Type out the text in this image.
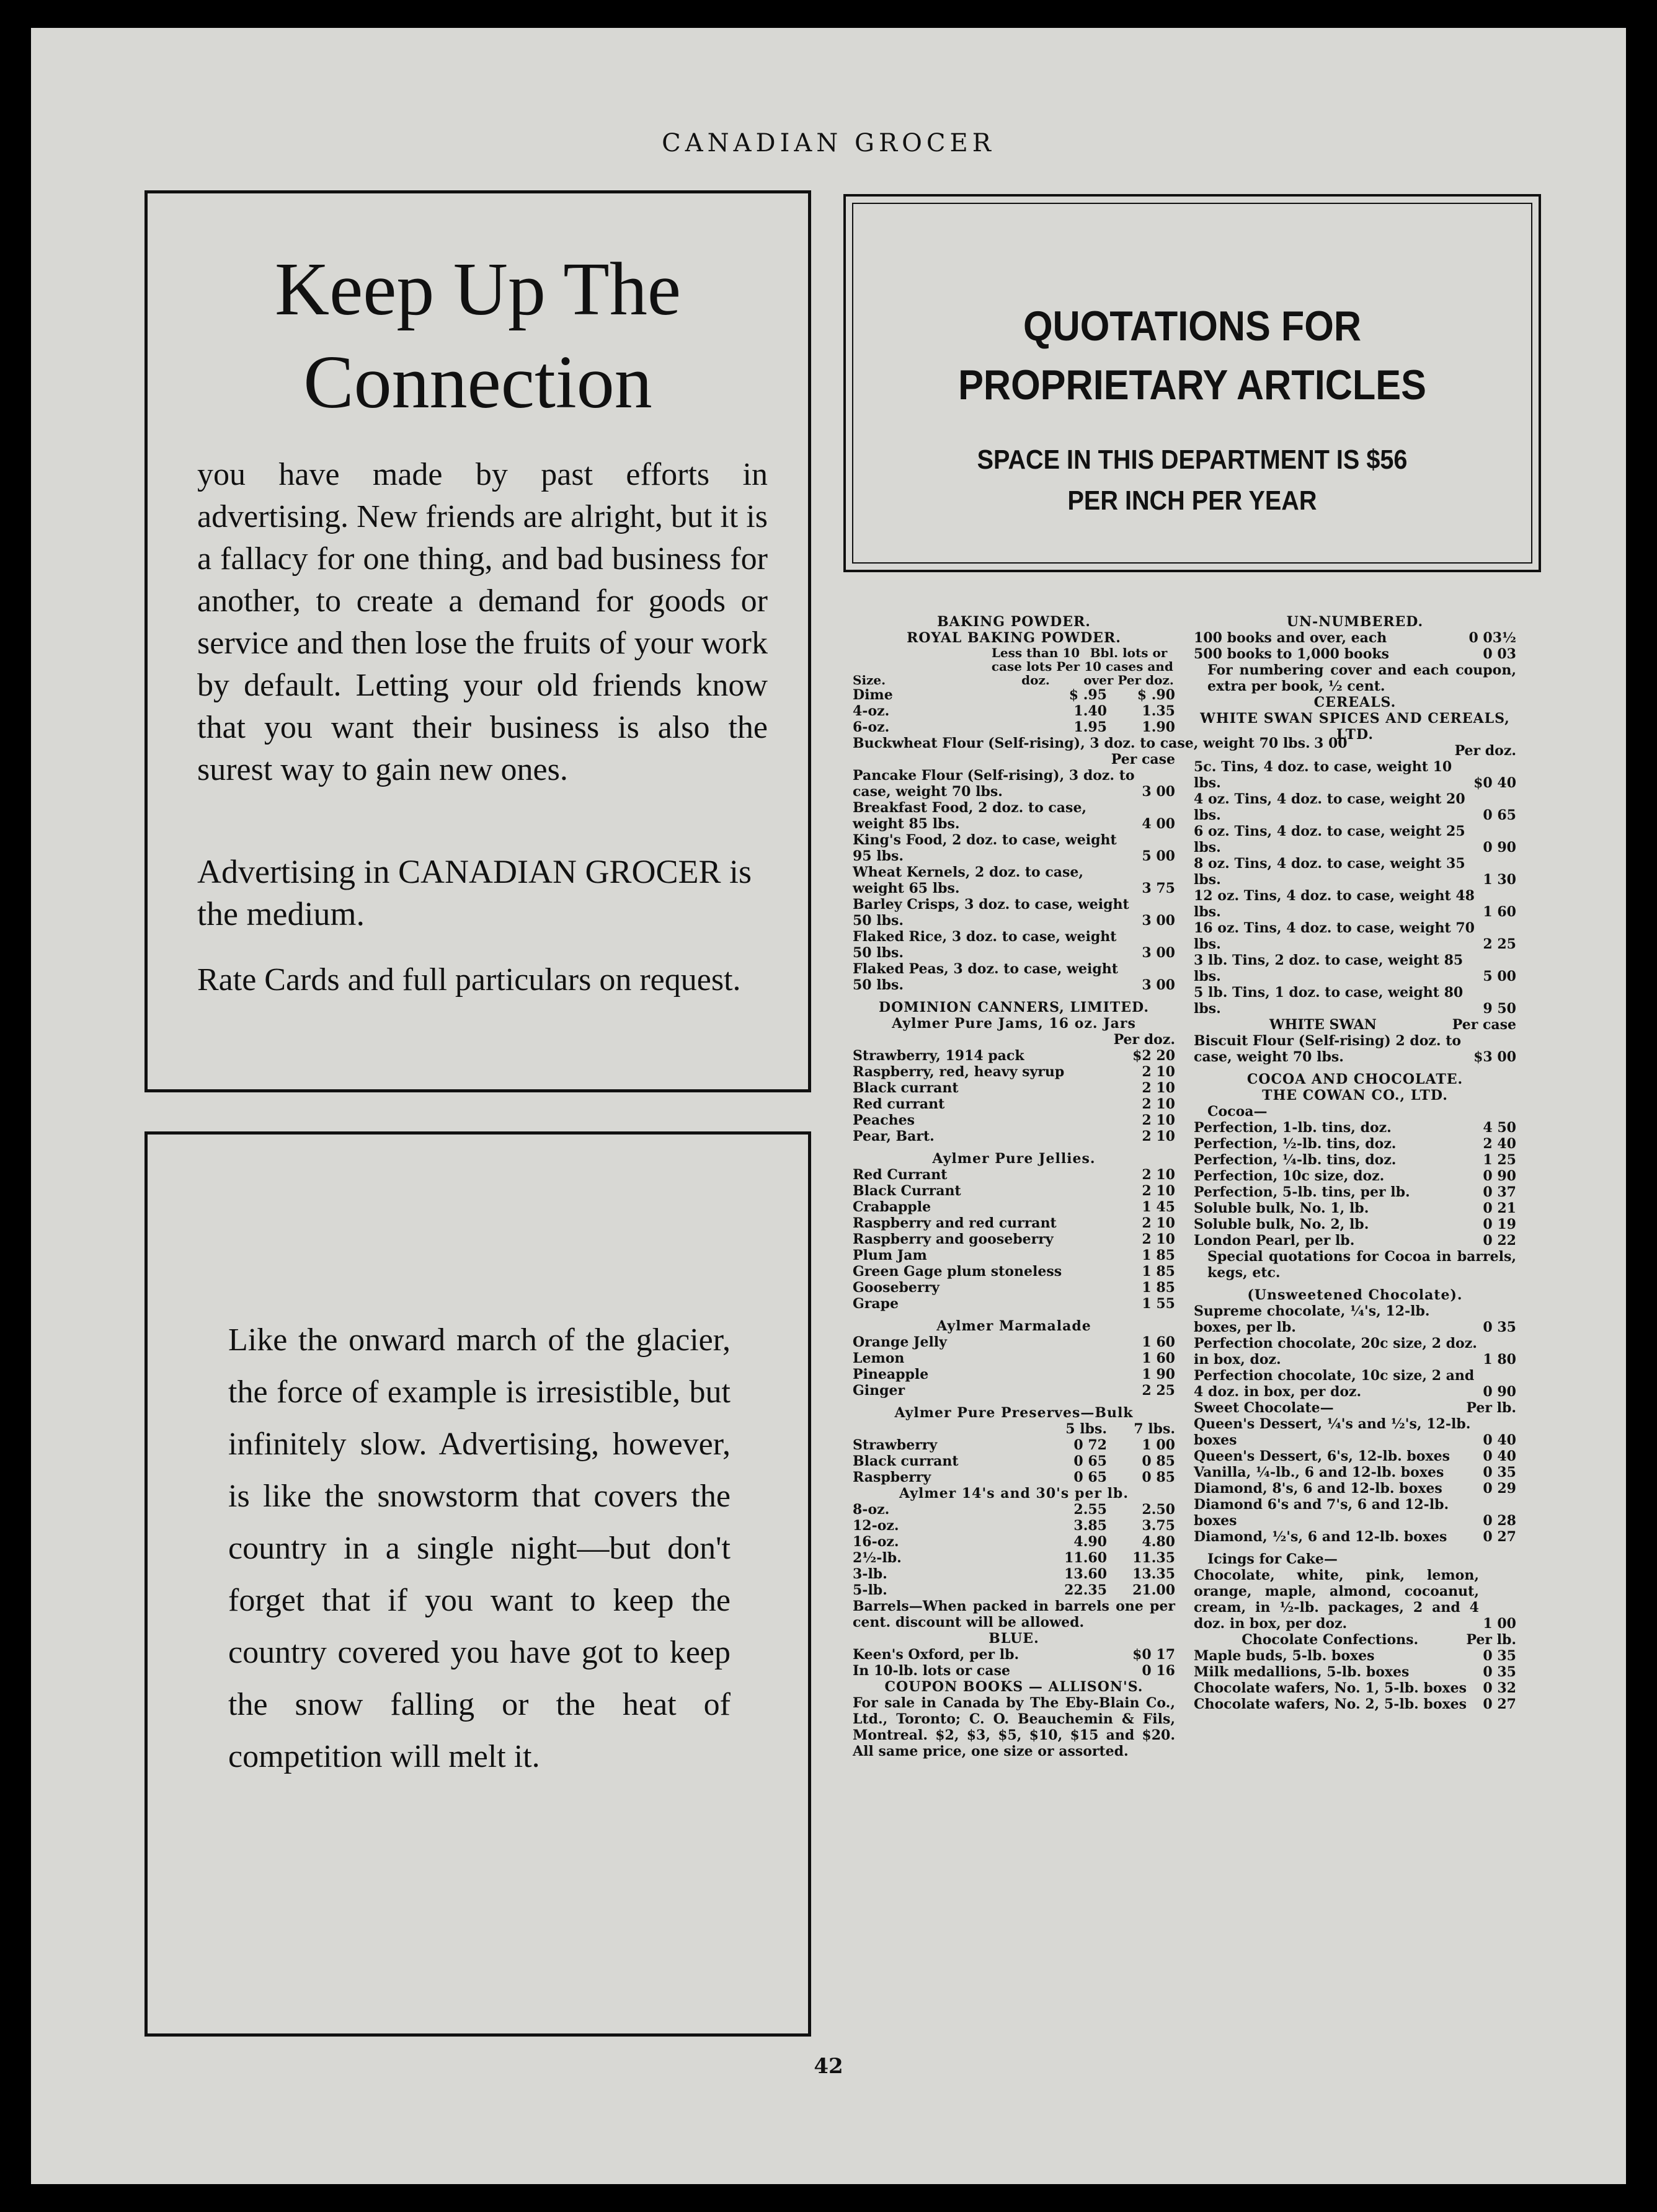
CANADIAN GROCER
Keep Up The
Connection
you have made by past efforts in advertising. New friends are alright, but it is a fallacy for one thing, and bad business for another, to create a demand for goods or service and then lose the fruits of your work by default. Letting your old friends know that you want their business is also the surest way to gain new ones.
Advertising in CANADIAN GROCER is the medium.
Rate Cards and full particulars on request.
Like the onward march of the glacier, the force of example is irresistible, but infinitely slow. Advertising, however, is like the snowstorm that covers the country in a single night—but don't forget that if you want to keep the country covered you have got to keep the snow falling or the heat of competition will melt it.
QUOTATIONS FOR
PROPRIETARY ARTICLES
SPACE IN THIS DEPARTMENT IS $56
PER INCH PER YEAR
BAKING POWDER.
ROYAL BAKING POWDER.
Size.
Less than 10 case lots Per doz.
Bbl. lots or 10 cases and over Per doz.
Dime	$ .95	$ .90
4-oz.	1.40	1.35
6-oz.	1.95	1.90
Buckwheat Flour (Self-rising), 3 doz. to case, weight 70 lbs. 3 00
Per case
Pancake Flour (Self-rising), 3 doz. to case, weight 70 lbs.	3 00
Breakfast Food, 2 doz. to case, weight 85 lbs.	4 00
King's Food, 2 doz. to case, weight 95 lbs.	5 00
Wheat Kernels, 2 doz. to case, weight 65 lbs.	3 75
Barley Crisps, 3 doz. to case, weight 50 lbs.	3 00
Flaked Rice, 3 doz. to case, weight 50 lbs.	3 00
Flaked Peas, 3 doz. to case, weight 50 lbs.	3 00
DOMINION CANNERS, LIMITED.
Aylmer Pure Jams, 16 oz. Jars
Per doz.
Strawberry, 1914 pack	$2 20
Raspberry, red, heavy syrup	2 10
Black currant	2 10
Red currant	2 10
Peaches	2 10
Pear, Bart.	2 10
Aylmer Pure Jellies.
Red Currant	2 10
Black Currant	2 10
Crabapple	1 45
Raspberry and red currant	2 10
Raspberry and gooseberry	2 10
Plum Jam	1 85
Green Gage plum stoneless	1 85
Gooseberry	1 85
Grape	1 55
Aylmer Marmalade
Orange Jelly	1 60
Lemon	1 60
Pineapple	1 90
Ginger	2 25
Aylmer Pure Preserves—Bulk
5 lbs.	7 lbs.
Strawberry	0 72	1 00
Black currant	0 65	0 85
Raspberry	0 65	0 85
Aylmer 14's and 30's per lb.
8-oz.	2.55	2.50
12-oz.	3.85	3.75
16-oz.	4.90	4.80
2½-lb.	11.60	11.35
3-lb.	13.60	13.35
5-lb.	22.35	21.00
Barrels—When packed in barrels one per cent. discount will be allowed.
BLUE.
Keen's Oxford, per lb.	$0 17
In 10-lb. lots or case	0 16
COUPON BOOKS — ALLISON'S.
For sale in Canada by The Eby-Blain Co., Ltd., Toronto; C. O. Beauchemin & Fils, Montreal. $2, $3, $5, $10, $15 and $20. All same price, one size or assorted.
UN-NUMBERED.
100 books and over, each	0 03½
500 books to 1,000 books	0 03
For numbering cover and each coupon, extra per book, ½ cent.
CEREALS.
WHITE SWAN SPICES AND CEREALS, LTD.
Per doz.
5c. Tins, 4 doz. to case, weight 10 lbs.	$0 40
4 oz. Tins, 4 doz. to case, weight 20 lbs.	0 65
6 oz. Tins, 4 doz. to case, weight 25 lbs.	0 90
8 oz. Tins, 4 doz. to case, weight 35 lbs.	1 30
12 oz. Tins, 4 doz. to case, weight 48 lbs.	1 60
16 oz. Tins, 4 doz. to case, weight 70 lbs.	2 25
3 lb. Tins, 2 doz. to case, weight 85 lbs.	5 00
5 lb. Tins, 1 doz. to case, weight 80 lbs.	9 50
WHITE SWAN	Per case
Biscuit Flour (Self-rising) 2 doz. to case, weight 70 lbs.	$3 00
COCOA AND CHOCOLATE.
THE COWAN CO., LTD.
Cocoa—
Perfection, 1-lb. tins, doz.	4 50
Perfection, ½-lb. tins, doz.	2 40
Perfection, ¼-lb. tins, doz.	1 25
Perfection, 10c size, doz.	0 90
Perfection, 5-lb. tins, per lb.	0 37
Soluble bulk, No. 1, lb.	0 21
Soluble bulk, No. 2, lb.	0 19
London Pearl, per lb.	0 22
Special quotations for Cocoa in barrels, kegs, etc.
(Unsweetened Chocolate).
Supreme chocolate, ¼'s, 12-lb. boxes, per lb.	0 35
Perfection chocolate, 20c size, 2 doz. in box, doz.	1 80
Perfection chocolate, 10c size, 2 and 4 doz. in box, per doz.	0 90
Sweet Chocolate—	Per lb.
Queen's Dessert, ¼'s and ½'s, 12-lb. boxes	0 40
Queen's Dessert, 6's, 12-lb. boxes	0 40
Vanilla, ¼-lb., 6 and 12-lb. boxes	0 35
Diamond, 8's, 6 and 12-lb. boxes	0 29
Diamond 6's and 7's, 6 and 12-lb. boxes	0 28
Diamond, ½'s, 6 and 12-lb. boxes	0 27
Icings for Cake—
Chocolate, white, pink, lemon, orange, maple, almond, cocoanut, cream, in ½-lb. packages, 2 and 4 doz. in box, per doz.	1 00
Chocolate Confections.	Per lb.
Maple buds, 5-lb. boxes	0 35
Milk medallions, 5-lb. boxes	0 35
Chocolate wafers, No. 1, 5-lb. boxes	0 32
Chocolate wafers, No. 2, 5-lb. boxes	0 27
42
